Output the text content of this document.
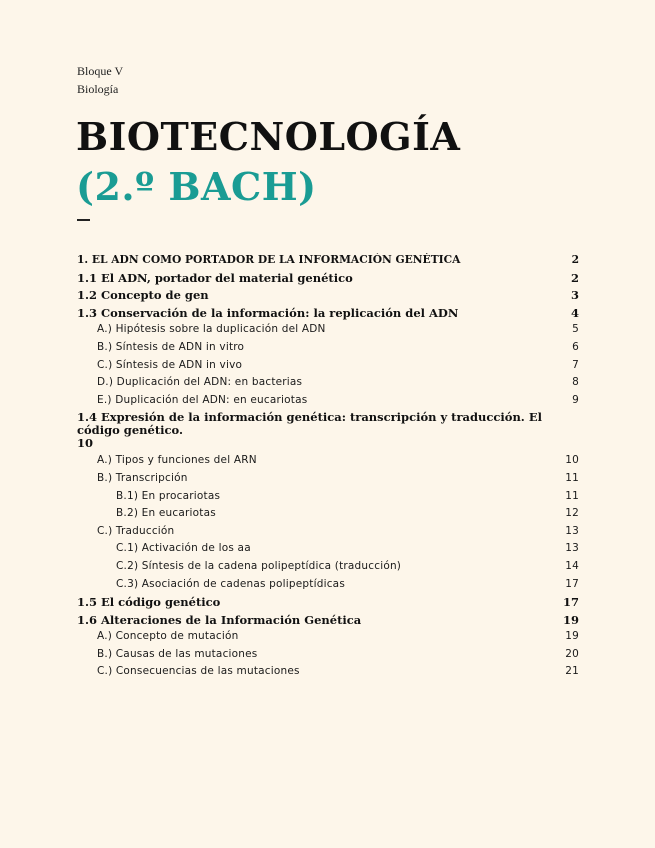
Bloque V
Biología
BIOTECNOLOGÍA
(2.º BACH)
1. EL ADN COMO PORTADOR DE LA INFORMACIÓN GENÉTICA	2
1.1 El ADN, portador del material genético	2
1.2 Concepto de gen	3
1.3 Conservación de la información: la replicación del ADN	4
A.) Hipótesis sobre la duplicación del ADN	5
B.) Síntesis de ADN in vitro	6
C.) Síntesis de ADN in vivo	7
D.) Duplicación del ADN: en bacterias	8
E.) Duplicación del ADN: en eucariotas	9
1.4 Expresión de la información genética: transcripción y traducción. El código genético.
10
A.) Tipos y funciones del ARN	10
B.) Transcripción	11
B.1) En procariotas	11
B.2) En eucariotas	12
C.) Traducción	13
C.1) Activación de los aa	13
C.2) Síntesis de la cadena polipeptídica (traducción)	14
C.3) Asociación de cadenas polipeptídicas	17
1.5 El código genético	17
1.6 Alteraciones de la Información Genética	19
A.) Concepto de mutación	19
B.) Causas de las mutaciones	20
C.) Consecuencias de las mutaciones	21
